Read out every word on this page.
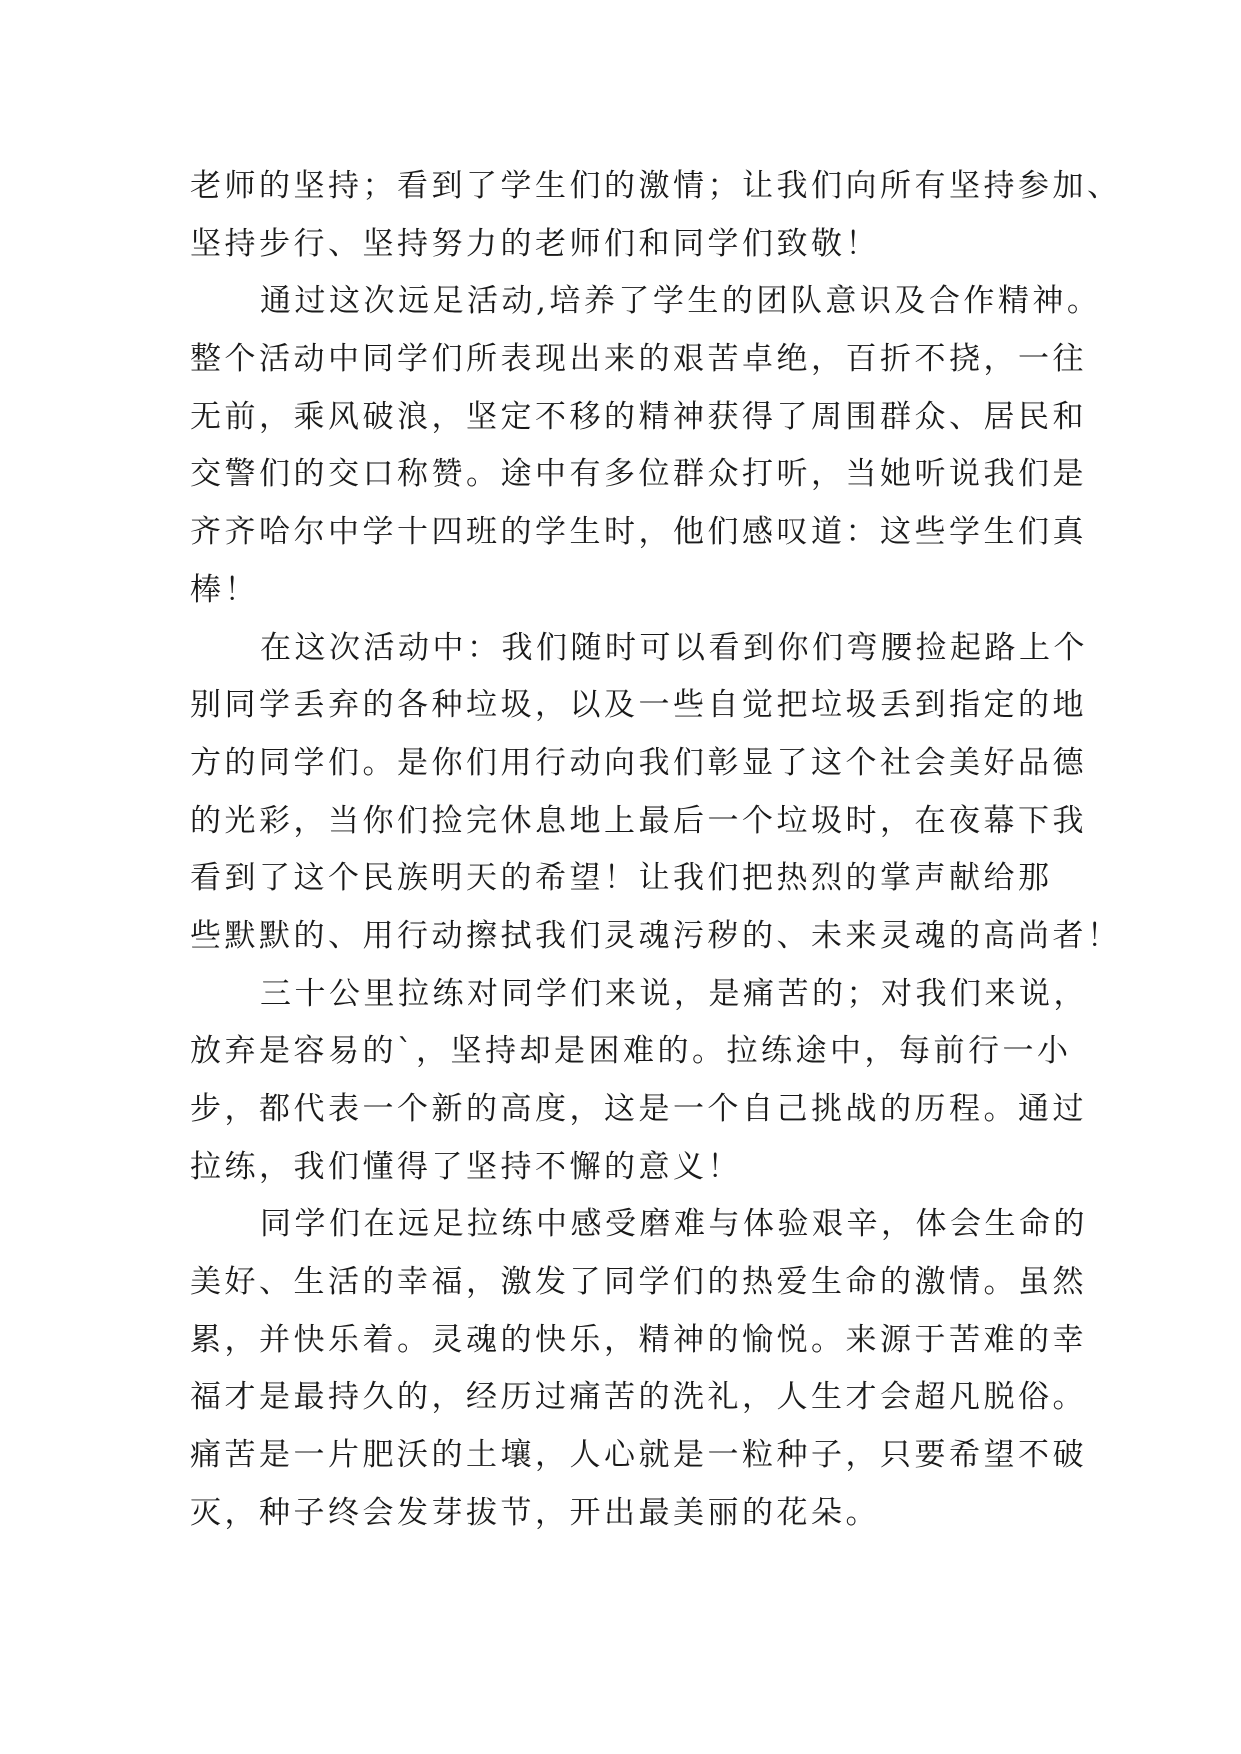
老师的坚持；看到了学生们的激情；让我们向所有坚持参加、
坚持步行、坚持努力的老师们和同学们致敬！
通过这次远足活动,培养了学生的团队意识及合作精神。
整个活动中同学们所表现出来的艰苦卓绝，百折不挠，一往
无前，乘风破浪，坚定不移的精神获得了周围群众、居民和
交警们的交口称赞。途中有多位群众打听，当她听说我们是
齐齐哈尔中学十四班的学生时，他们感叹道：这些学生们真
棒！
在这次活动中：我们随时可以看到你们弯腰捡起路上个
别同学丢弃的各种垃圾，以及一些自觉把垃圾丢到指定的地
方的同学们。是你们用行动向我们彰显了这个社会美好品德
的光彩，当你们捡完休息地上最后一个垃圾时，在夜幕下我
看到了这个民族明天的希望！让我们把热烈的掌声献给那
些默默的、用行动擦拭我们灵魂污秽的、未来灵魂的高尚者！
三十公里拉练对同学们来说，是痛苦的；对我们来说，
放弃是容易的`，坚持却是困难的。拉练途中，每前行一小
步，都代表一个新的高度，这是一个自己挑战的历程。通过
拉练，我们懂得了坚持不懈的意义！
同学们在远足拉练中感受磨难与体验艰辛，体会生命的
美好、生活的幸福，激发了同学们的热爱生命的激情。虽然
累，并快乐着。灵魂的快乐，精神的愉悦。来源于苦难的幸
福才是最持久的，经历过痛苦的洗礼，人生才会超凡脱俗。
痛苦是一片肥沃的土壤，人心就是一粒种子，只要希望不破
灭，种子终会发芽拔节，开出最美丽的花朵。
